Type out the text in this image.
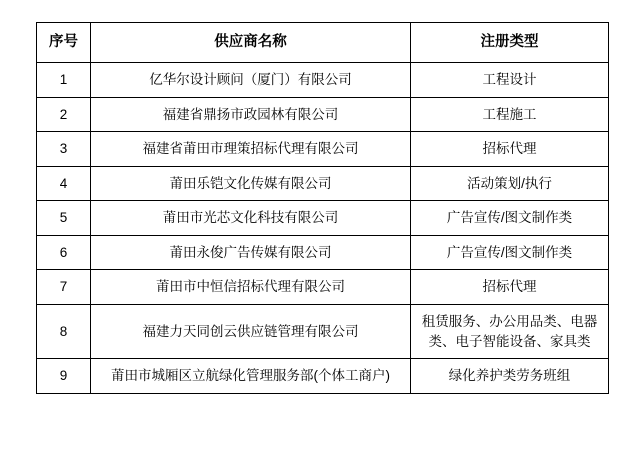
序号	供应商名称	注册类型
1	亿华尔设计顾问（厦门）有限公司	工程设计
2	福建省鼎扬市政园林有限公司	工程施工
3	福建省莆田市理策招标代理有限公司	招标代理
4	莆田乐铠文化传媒有限公司	活动策划/执行
5	莆田市光芯文化科技有限公司	广告宣传/图文制作类
6	莆田永俊广告传媒有限公司	广告宣传/图文制作类
7	莆田市中恒信招标代理有限公司	招标代理
8	福建力天同创云供应链管理有限公司	租赁服务、办公用品类、电器类、电子智能设备、家具类
9	莆田市城厢区立航绿化管理服务部(个体工商户)	绿化养护类劳务班组
